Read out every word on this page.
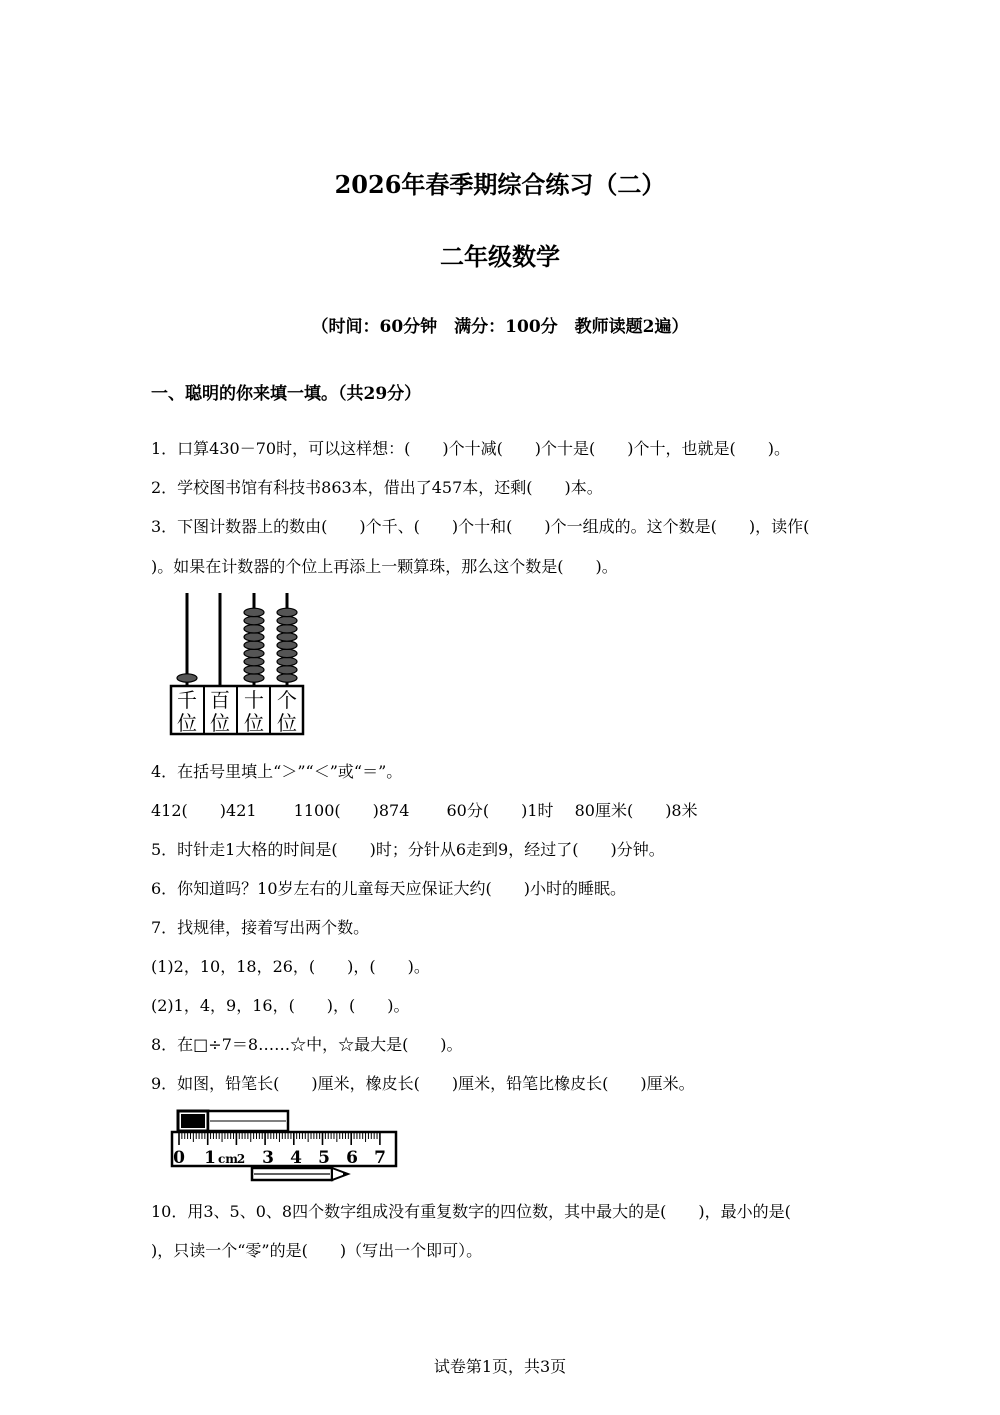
2026年春季期综合练习（二）
二年级数学
（时间：60分钟　满分：100分　教师读题2遍）
一、聪明的你来填一填。（共29分）
1．口算430－70时，可以这样想：(　　)个十减(　　)个十是(　　)个十，也就是(　　)。
2．学校图书馆有科技书863本，借出了457本，还剩(　　)本。
3．下图计数器上的数由(　　)个千、(　　)个十和(　　)个一组成的。这个数是(　　)，读作(
)。如果在计数器的个位上再添上一颗算珠，那么这个数是(　　)。
千 百 十 个
位 位 位 位
4．在括号里填上“＞”“＜”或“＝”。
412(　　)421　　 1100(　　)874　　 60分(　　)1时　 80厘米(　　)8米
5．时针走1大格的时间是(　　)时；分针从6走到9，经过了(　　)分钟。
6．你知道吗？10岁左右的儿童每天应保证大约(　　)小时的睡眠。
7．找规律，接着写出两个数。
(1)2，10，18，26，(　　)，(　　)。
(2)1，4，9，16，(　　)，(　　)。
8．在□÷7＝8……☆中，☆最大是(　　)。
9．如图，铅笔长(　　)厘米，橡皮长(　　)厘米，铅笔比橡皮长(　　)厘米。
0 1 cm
2 3 4 5 6 7
10．用3、5、0、8四个数字组成没有重复数字的四位数，其中最大的是(　　)，最小的是(
)，只读一个“零”的是(　　)（写出一个即可）。
试卷第1页，共3页
